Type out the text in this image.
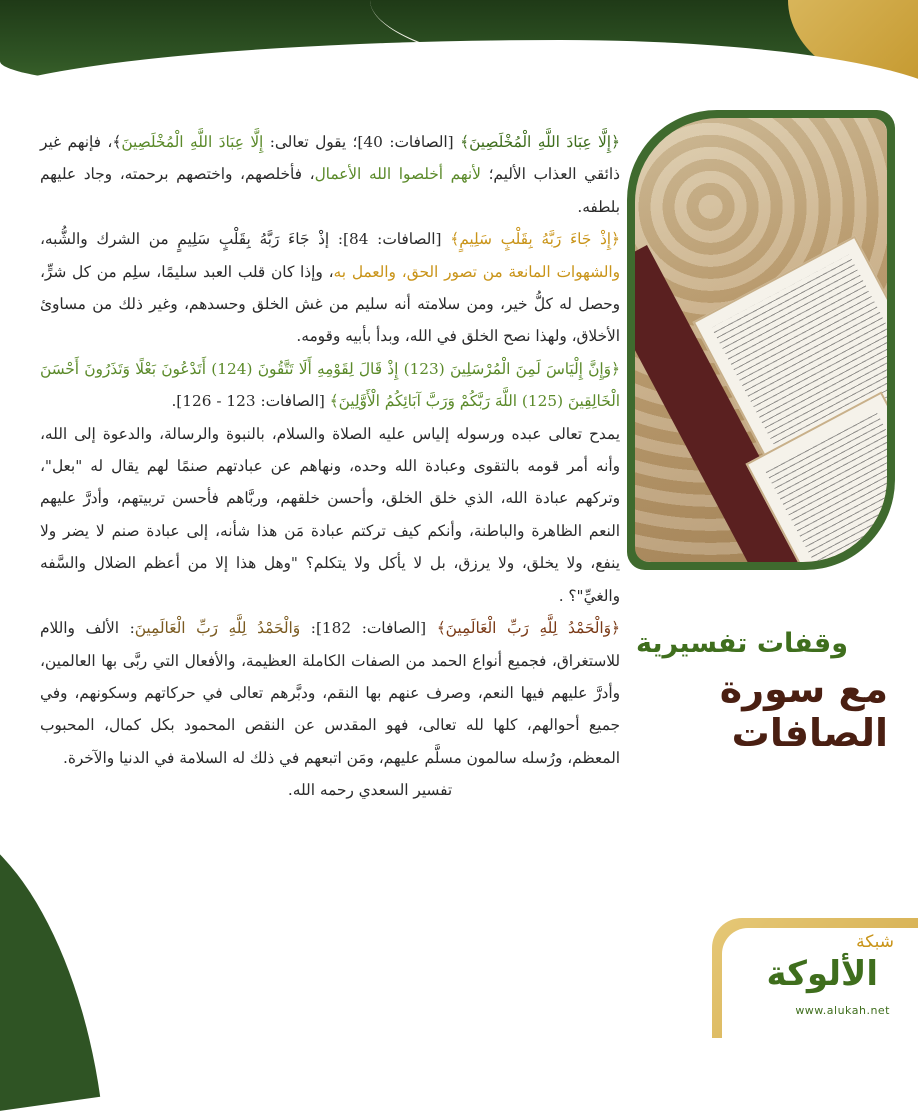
﴿إِلَّا عِبَادَ اللَّهِ الْمُخْلَصِينَ﴾ [الصافات: 40]؛ يقول تعالى: إِلَّا عِبَادَ اللَّهِ الْمُخْلَصِينَ﴾، فإنهم غير ذائقي العذاب الأليم؛ لأنهم أخلصوا الله الأعمال، فأخلصهم، واختصهم برحمته، وجاد عليهم بلطفه.

﴿إِذْ جَاءَ رَبَّهُ بِقَلْبٍ سَلِيمٍ﴾ [الصافات: 84]: إذْ جَاءَ رَبَّهُ بِقَلْبٍ سَلِيمٍ من الشرك والشُّبه، والشهوات المانعة من تصور الحق، والعمل به، وإذا كان قلب العبد سليمًا، سلِم من كل شرٍّ، وحصل له كلُّ خير، ومن سلامته أنه سليم من غش الخلق وحسدهم، وغير ذلك من مساوئ الأخلاق، ولهذا نصح الخلق في الله، وبدأ بأبيه وقومه.

﴿وَإِنَّ إِلْيَاسَ لَمِنَ الْمُرْسَلِينَ (123) إِذْ قَالَ لِقَوْمِهِ أَلَا تَتَّقُونَ (124) أَتَدْعُونَ بَعْلًا وَتَذَرُونَ أَحْسَنَ الْخَالِقِينَ (125) اللَّهَ رَبَّكُمْ وَرَبَّ آبَائِكُمُ الْأَوَّلِينَ﴾ [الصافات: 123 - 126].
يمدح تعالى عبده ورسوله إلياس عليه الصلاة والسلام، بالنبوة والرسالة، والدعوة إلى الله، وأنه أمر قومه بالتقوى وعبادة الله وحده، ونهاهم عن عبادتهم صنمًا لهم يقال له "بعل"، وتركهم عبادة الله، الذي خلق الخلق، وأحسن خلقهم، وربَّاهم فأحسن تربيتهم، وأدرَّ عليهم النعم الظاهرة والباطنة، وأنكم كيف تركتم عبادة مَن هذا شأنه، إلى عبادة صنم لا يضر ولا ينفع، ولا يخلق، ولا يرزق، بل لا يأكل ولا يتكلم؟ "وهل هذا إلا من أعظم الضلال والسَّفه والغيِّ"؟ .

﴿وَالْحَمْدُ لِلَّهِ رَبِّ الْعَالَمِينَ﴾ [الصافات: 182]: وَالْحَمْدُ لِلَّهِ رَبِّ الْعَالَمِينَ: الألف واللام للاستغراق، فجميع أنواع الحمد من الصفات الكاملة العظيمة، والأفعال التي ربَّى بها العالمين، وأدرَّ عليهم فيها النعم، وصرف عنهم بها النقم، ودبَّرهم تعالى في حركاتهم وسكونهم، وفي جميع أحوالهم، كلها لله تعالى، فهو المقدس عن النقص المحمود بكل كمال، المحبوب المعظم، ورُسله سالمون مسلَّم عليهم، ومَن اتبعهم في ذلك له السلامة في الدنيا والآخرة.

تفسير السعدي رحمه الله.

وقفات تفسيرية

مع سورة الصافات

شبكة
الألوكة
www.alukah.net
